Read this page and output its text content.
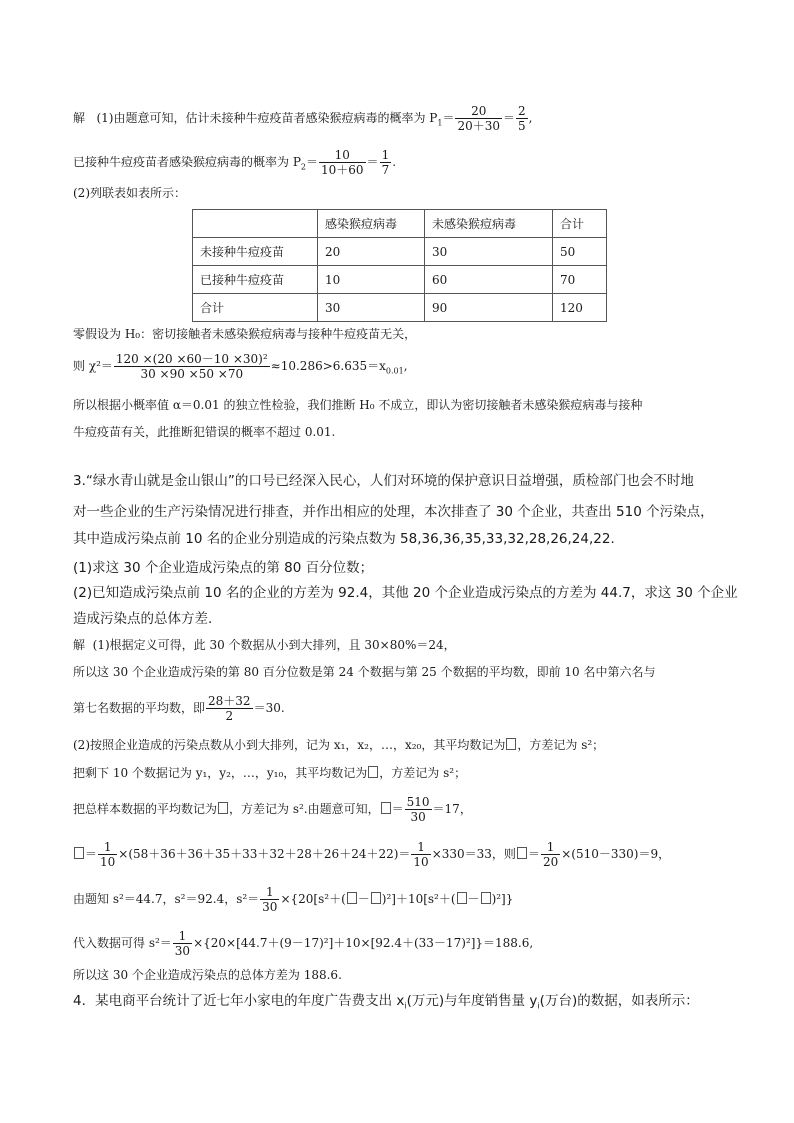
解 (1)由题意可知，估计未接种牛痘疫苗者感染猴痘病毒的概率为 $P_1= \frac{20}{20+30} = \frac{2}{5}$ ,
已接种牛痘疫苗者感染猴痘病毒的概率为 $P_2= \frac{10}{10+60} = \frac{1}{7}$ .
(2)列联表如表所示：
	感染猴痘病毒	未感染猴痘病毒	合计
未接种牛痘疫苗	20	30	50
已接种牛痘疫苗	10	60	70
合计	30	90	120
零假设为 H₀：密切接触者未感染猴痘病毒与接种牛痘疫苗无关，
则 $\chi^2= \frac{\text{120 ×(20 ×60－10 ×30)²}}{30 \times 90 \times 50 \times 70} \approx 10.286>6.635=x_{0.01}$,
所以根据小概率值 α＝0.01 的独立性检验，我们推断 H₀ 不成立，即认为密切接触者未感染猴痘病毒与接种
牛痘疫苗有关，此推断犯错误的概率不超过 0.01.
3.“绿水青山就是金山银山”的口号已经深入民心，人们对环境的保护意识日益增强，质检部门也会不时地
对一些企业的生产污染情况进行排查，并作出相应的处理，本次排查了 30 个企业，共查出 510 个污染点，
其中造成污染点前 10 名的企业分别造成的污染点数为 58,36,36,35,33,32,28,26,24,22.
(1)求这 30 个企业造成污染点的第 80 百分位数；
(2)已知造成污染点前 10 名的企业的方差为 92.4，其他 20 个企业造成污染点的方差为 44.7，求这 30 个企业
造成污染点的总体方差.
解 (1)根据定义可得，此 30 个数据从小到大排列，且 30×80%＝24，
所以这 30 个企业造成污染的第 80 百分位数是第 24 个数据与第 25 个数据的平均数，即前 10 名中第六名与
第七名数据的平均数，即 $\frac{28+32}{2} =30$.
(2)按照企业造成的污染点数从小到大排列，记为 x₁，x₂，…，x₂₀，其平均数记为 ，方差记为 s²；
把剩下 10 个数据记为 y₁，y₂，…，y₁₀，其平均数记为 ，方差记为 s²；
把总样本数据的平均数记为 ，方差记为 s².由题意可知， ＝ $\frac{510}{30} =17$，
＝ $\frac{1}{10} \times(58+36+36+35+33+32+28+26+24+22)= \frac{1}{10} \times 330=33$，则 ＝ $\frac{1}{20} \times(510-330)=9$，
由题知 s²＝44.7，s²＝92.4，$s^2= \frac{1}{30} \times\{20[s^2+( - )^2]+10[s^2+( - )^2]\}$
代入数据可得 $s^2= \frac{1}{30} \times\{20\times[44.7+(9-17)^2]+10\times[92.4+(33-17)^2]\}=188.6$,
所以这 30 个企业造成污染点的总体方差为 188.6.
4．某电商平台统计了近七年小家电的年度广告费支出 $x_i$(万元)与年度销售量 $y_i$(万台)的数据，如表所示：
